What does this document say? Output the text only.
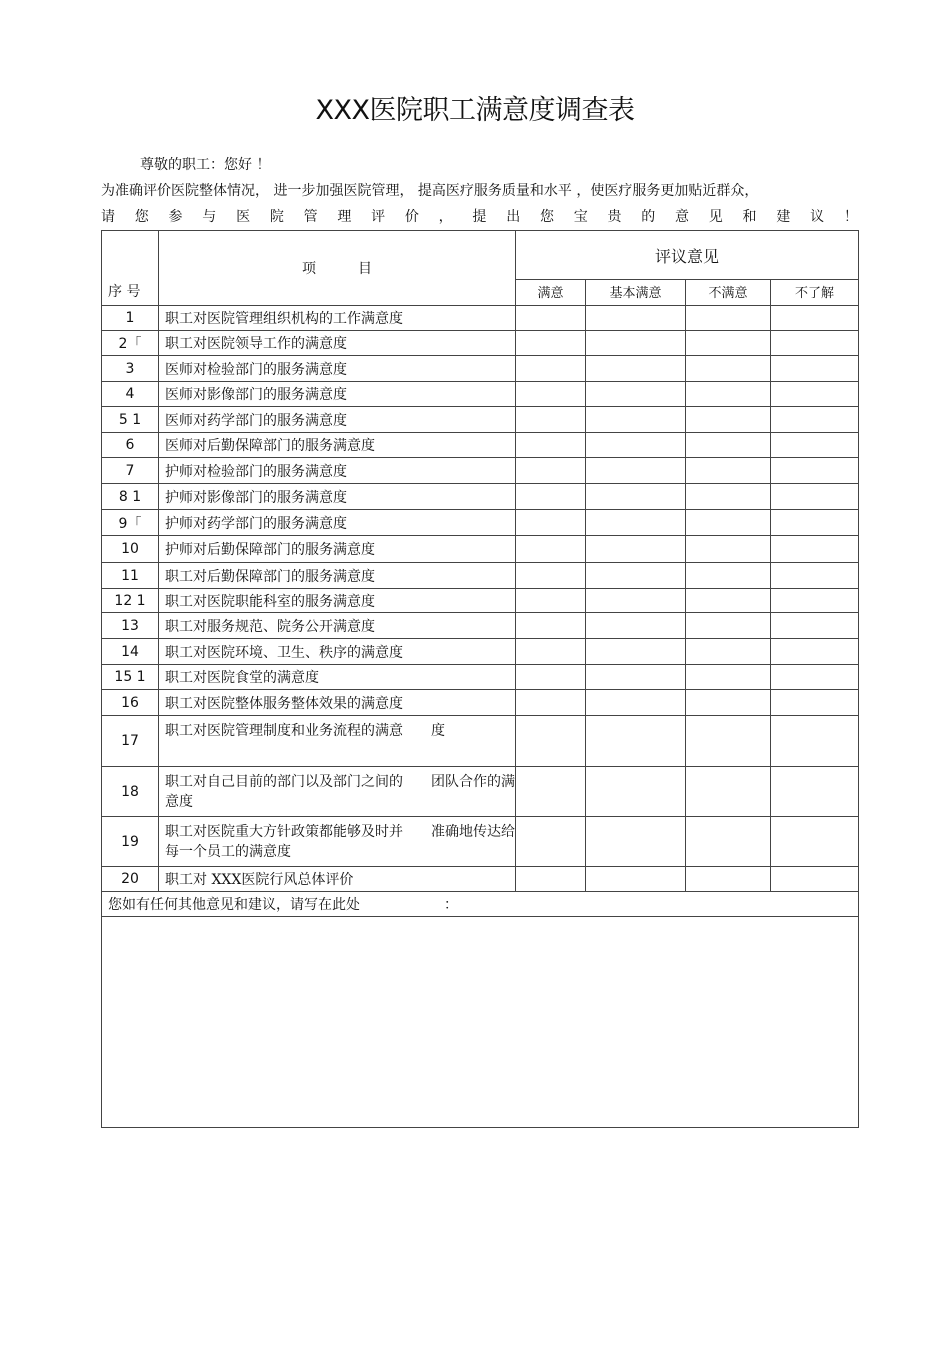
XXX医院职工满意度调查表
尊敬的职工：您好 ！
为准确评价医院整体情况， 进一步加强医院管理， 提高医疗服务质量和水平 ，使医疗服务更加贴近群众，
请 您 参 与 医 院 管 理 评 价 ， 提 出 您 宝 贵 的 意 见 和 建 议 ！
序 号	项　　　目	评议意见			
		满意	基本满意	不满意	不了解
1	职工对医院管理组织机构的工作满意度				
2「	职工对医院领导工作的满意度				
3	医师对检验部门的服务满意度				
4	医师对影像部门的服务满意度				
5 1	医师对药学部门的服务满意度				
6	医师对后勤保障部门的服务满意度				
7	护师对检验部门的服务满意度				
8 1	护师对影像部门的服务满意度				
9「	护师对药学部门的服务满意度				
10	护师对后勤保障部门的服务满意度				
11	职工对后勤保障部门的服务满意度				
12 1	职工对医院职能科室的服务满意度				
13	职工对服务规范、院务公开满意度				
14	职工对医院环境、卫生、秩序的满意度				
15 1	职工对医院食堂的满意度				
16	职工对医院整体服务整体效果的满意度				
17	职工对医院管理制度和业务流程的满意　　度				
18	职工对自己目前的部门以及部门之间的　　团队合作的满意度				
19	职工对医院重大方针政策都能够及时并　　准确地传达给每一个员工的满意度				
20	职工对 XXX医院行风总体评价				
您如有任何其他意见和建议，请写在此处　　　　　　：					
